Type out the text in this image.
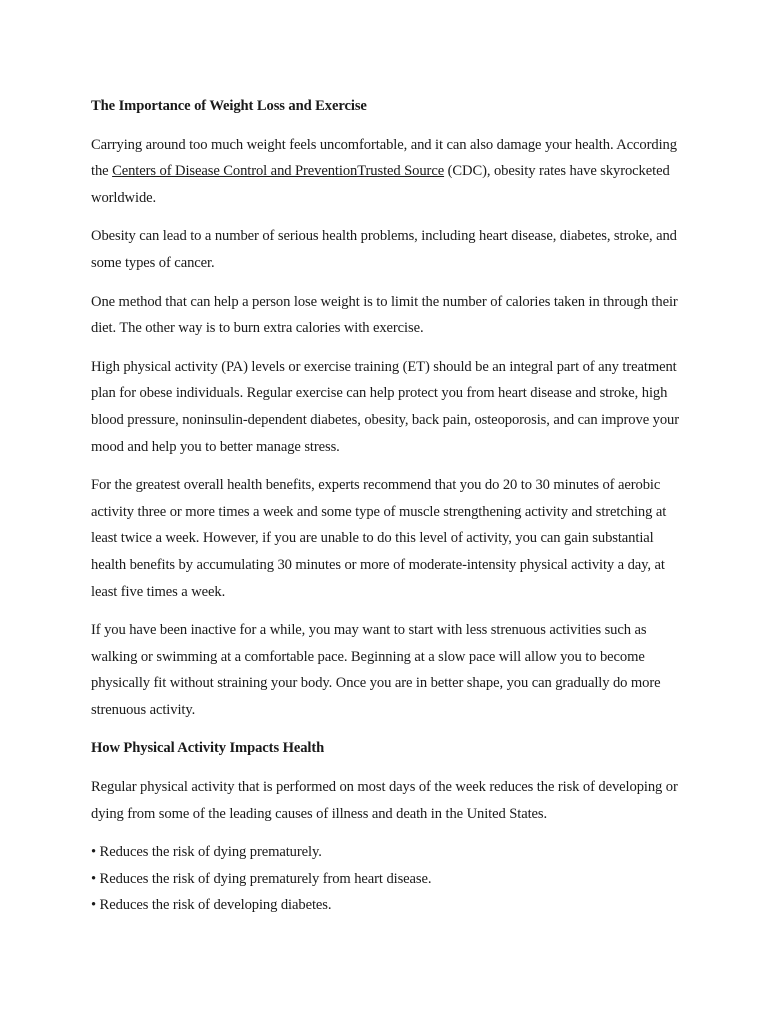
The Importance of Weight Loss and Exercise
Carrying around too much weight feels uncomfortable, and it can also damage your health. According the Centers of Disease Control and PreventionTrusted Source (CDC), obesity rates have skyrocketed worldwide.
Obesity can lead to a number of serious health problems, including heart disease, diabetes, stroke, and some types of cancer.
One method that can help a person lose weight is to limit the number of calories taken in through their diet. The other way is to burn extra calories with exercise.
High physical activity (PA) levels or exercise training (ET) should be an integral part of any treatment plan for obese individuals. Regular exercise can help protect you from heart disease and stroke, high blood pressure, noninsulin-dependent diabetes, obesity, back pain, osteoporosis, and can improve your mood and help you to better manage stress.
For the greatest overall health benefits, experts recommend that you do 20 to 30 minutes of aerobic activity three or more times a week and some type of muscle strengthening activity and stretching at least twice a week. However, if you are unable to do this level of activity, you can gain substantial health benefits by accumulating 30 minutes or more of moderate-intensity physical activity a day, at least five times a week.
If you have been inactive for a while, you may want to start with less strenuous activities such as walking or swimming at a comfortable pace. Beginning at a slow pace will allow you to become physically fit without straining your body. Once you are in better shape, you can gradually do more strenuous activity.
How Physical Activity Impacts Health
Regular physical activity that is performed on most days of the week reduces the risk of developing or dying from some of the leading causes of illness and death in the United States.
• Reduces the risk of dying prematurely.
• Reduces the risk of dying prematurely from heart disease.
• Reduces the risk of developing diabetes.
